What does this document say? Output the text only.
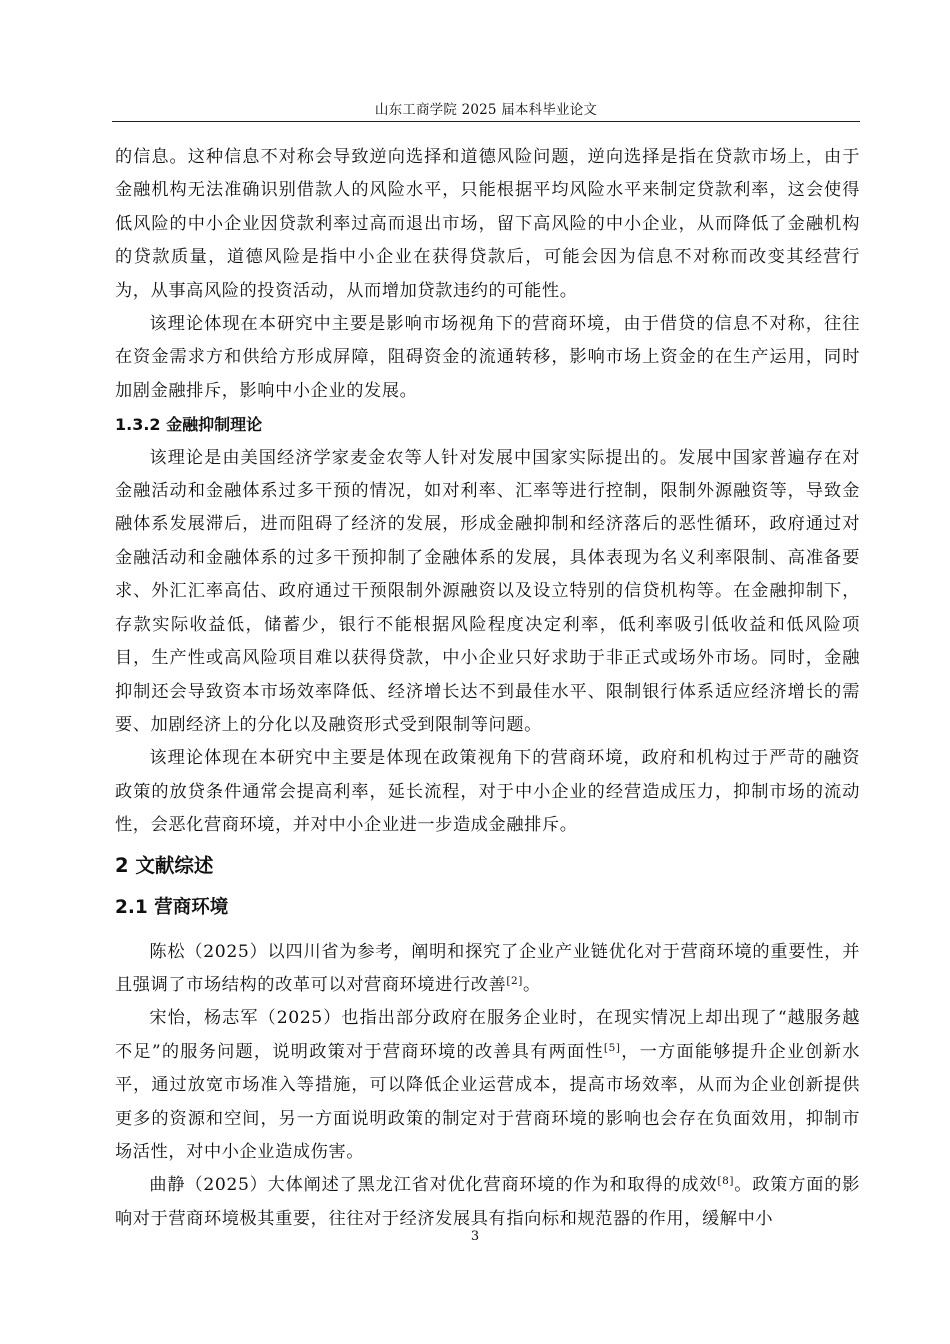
山东工商学院 2025 届本科毕业论文

的信息。这种信息不对称会导致逆向选择和道德风险问题，逆向选择是指在贷款市场上，由于金融机构无法准确识别借款人的风险水平，只能根据平均风险水平来制定贷款利率，这会使得低风险的中小企业因贷款利率过高而退出市场，留下高风险的中小企业，从而降低了金融机构的贷款质量，道德风险是指中小企业在获得贷款后，可能会因为信息不对称而改变其经营行为，从事高风险的投资活动，从而增加贷款违约的可能性。

该理论体现在本研究中主要是影响市场视角下的营商环境，由于借贷的信息不对称，往往在资金需求方和供给方形成屏障，阻碍资金的流通转移，影响市场上资金的在生产运用，同时加剧金融排斥，影响中小企业的发展。

1.3.2 金融抑制理论

该理论是由美国经济学家麦金农等人针对发展中国家实际提出的。发展中国家普遍存在对金融活动和金融体系过多干预的情况，如对利率、汇率等进行控制，限制外源融资等，导致金融体系发展滞后，进而阻碍了经济的发展，形成金融抑制和经济落后的恶性循环，政府通过对金融活动和金融体系的过多干预抑制了金融体系的发展，具体表现为名义利率限制、高准备要求、外汇汇率高估、政府通过干预限制外源融资以及设立特别的信贷机构等。在金融抑制下，存款实际收益低，储蓄少，银行不能根据风险程度决定利率，低利率吸引低收益和低风险项目，生产性或高风险项目难以获得贷款，中小企业只好求助于非正式或场外市场。同时，金融抑制还会导致资本市场效率降低、经济增长达不到最佳水平、限制银行体系适应经济增长的需要、加剧经济上的分化以及融资形式受到限制等问题。

该理论体现在本研究中主要是体现在政策视角下的营商环境，政府和机构过于严苛的融资政策的放贷条件通常会提高利率，延长流程，对于中小企业的经营造成压力，抑制市场的流动性，会恶化营商环境，并对中小企业进一步造成金融排斥。

2 文献综述
2.1 营商环境

陈松（2025）以四川省为参考，阐明和探究了企业产业链优化对于营商环境的重要性，并且强调了市场结构的改革可以对营商环境进行改善[2]。

宋怡，杨志军（2025）也指出部分政府在服务企业时，在现实情况上却出现了“越服务越不足”的服务问题，说明政策对于营商环境的改善具有两面性[5]，一方面能够提升企业创新水平，通过放宽市场准入等措施，可以降低企业运营成本，提高市场效率，从而为企业创新提供更多的资源和空间，另一方面说明政策的制定对于营商环境的影响也会存在负面效用，抑制市场活性，对中小企业造成伤害。

曲静（2025）大体阐述了黑龙江省对优化营商环境的作为和取得的成效[8]。政策方面的影响对于营商环境极其重要，往往对于经济发展具有指向标和规范器的作用，缓解中小

3
